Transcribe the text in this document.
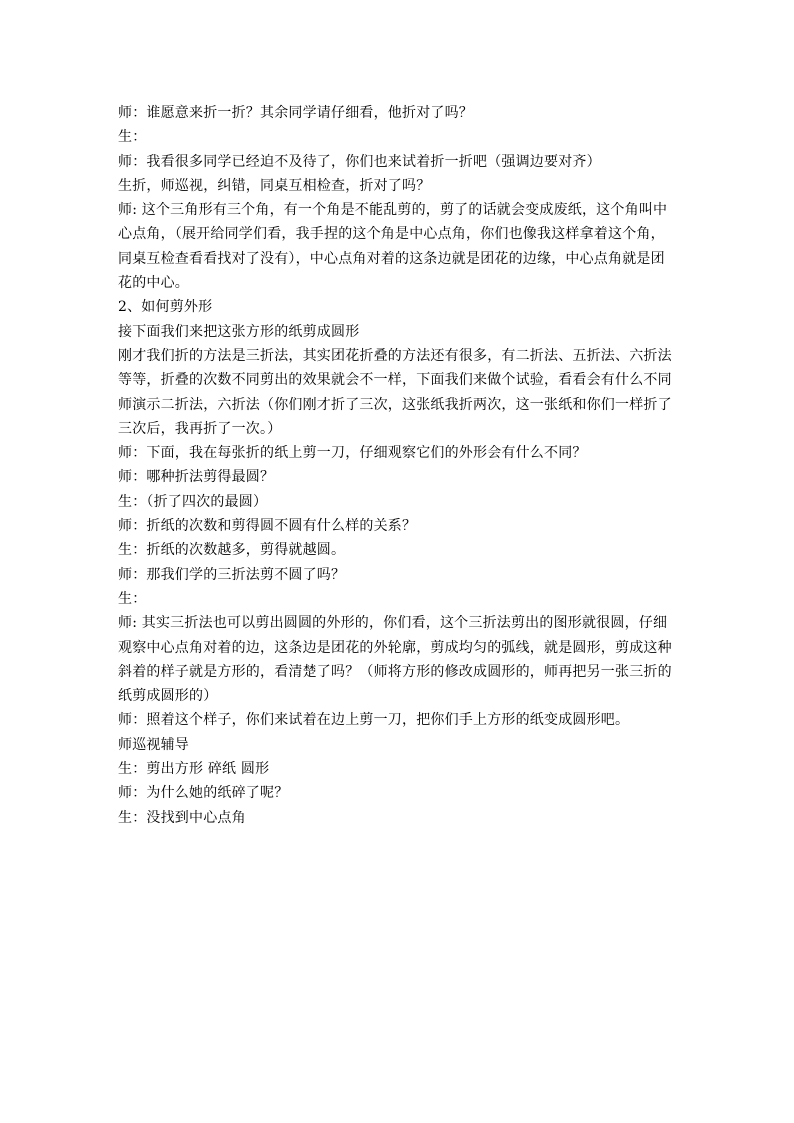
师：谁愿意来折一折？其余同学请仔细看，他折对了吗？

生：

师：我看很多同学已经迫不及待了，你们也来试着折一折吧（强调边要对齐）

生折，师巡视，纠错，同桌互相检查，折对了吗？

师: 这个三角形有三个角，有一个角是不能乱剪的，剪了的话就会变成废纸，这个角叫中心点角，（展开给同学们看，我手捏的这个角是中心点角，你们也像我这样拿着这个角，同桌互检查看看找对了没有），中心点角对着的这条边就是团花的边缘，中心点角就是团花的中心。

2、如何剪外形

接下面我们来把这张方形的纸剪成圆形

刚才我们折的方法是三折法，其实团花折叠的方法还有很多，有二折法、五折法、六折法等等，折叠的次数不同剪出的效果就会不一样，下面我们来做个试验，看看会有什么不同

师演示二折法，六折法（你们刚才折了三次，这张纸我折两次，这一张纸和你们一样折了三次后，我再折了一次。）

师：下面，我在每张折的纸上剪一刀，仔细观察它们的外形会有什么不同？

师：哪种折法剪得最圆？

生：（折了四次的最圆）

师：折纸的次数和剪得圆不圆有什么样的关系？

生：折纸的次数越多，剪得就越圆。

师：那我们学的三折法剪不圆了吗？

生：

师: 其实三折法也可以剪出圆圆的外形的，你们看，这个三折法剪出的图形就很圆，仔细观察中心点角对着的边，这条边是团花的外轮廓，剪成均匀的弧线，就是圆形，剪成这种斜着的样子就是方形的，看清楚了吗？（师将方形的修改成圆形的，师再把另一张三折的纸剪成圆形的）

师：照着这个样子，你们来试着在边上剪一刀，把你们手上方形的纸变成圆形吧。

师巡视辅导

生：剪出方形 碎纸 圆形

师：为什么她的纸碎了呢？

生：没找到中心点角
